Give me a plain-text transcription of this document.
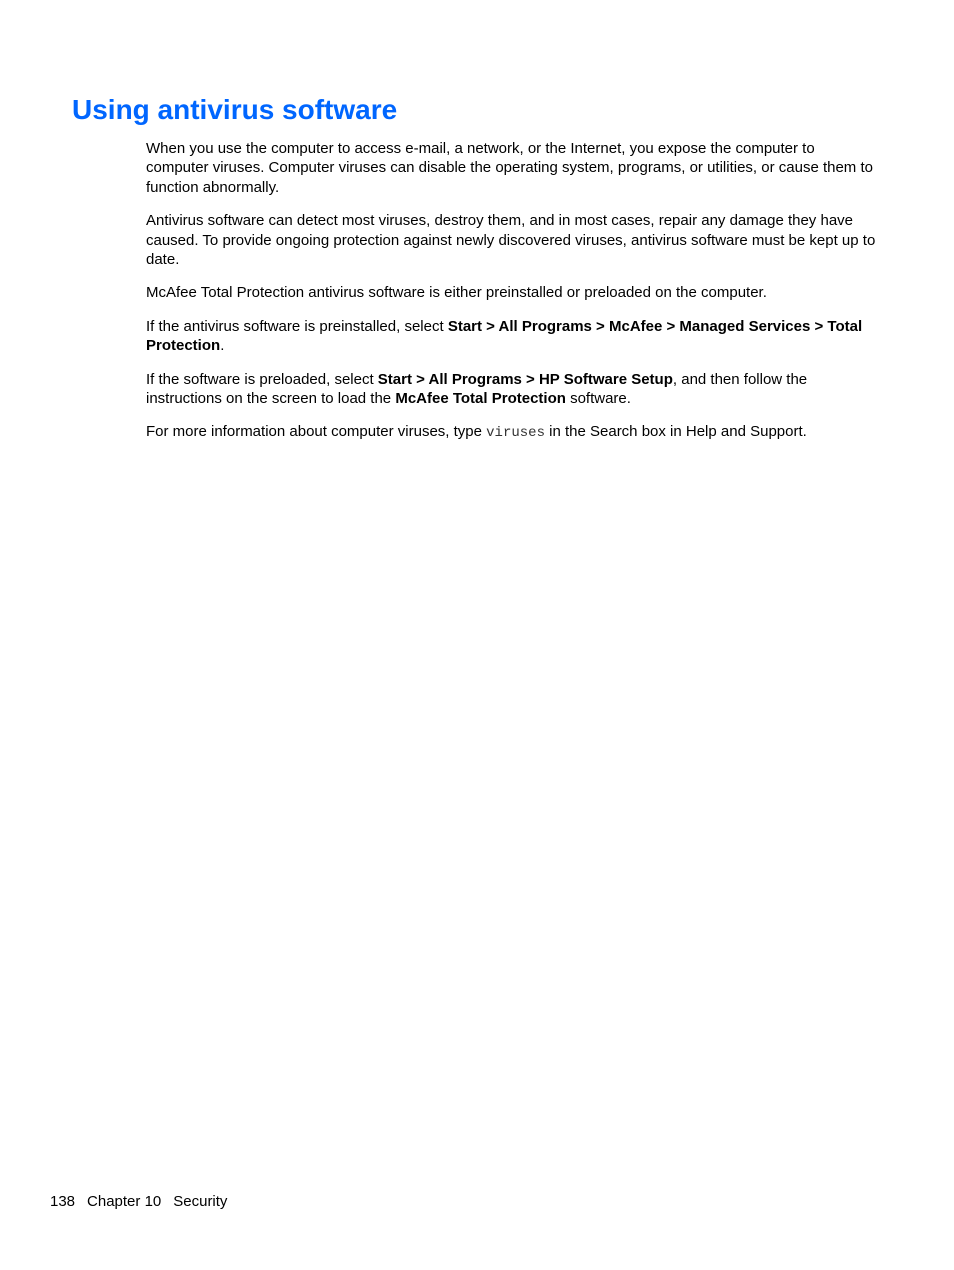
Using antivirus software

When you use the computer to access e-mail, a network, or the Internet, you expose the computer to computer viruses. Computer viruses can disable the operating system, programs, or utilities, or cause them to function abnormally.

Antivirus software can detect most viruses, destroy them, and in most cases, repair any damage they have caused. To provide ongoing protection against newly discovered viruses, antivirus software must be kept up to date.

McAfee Total Protection antivirus software is either preinstalled or preloaded on the computer.

If the antivirus software is preinstalled, select Start > All Programs > McAfee > Managed Services > Total Protection.

If the software is preloaded, select Start > All Programs > HP Software Setup, and then follow the instructions on the screen to load the McAfee Total Protection software.

For more information about computer viruses, type viruses in the Search box in Help and Support.

138 Chapter 10 Security
